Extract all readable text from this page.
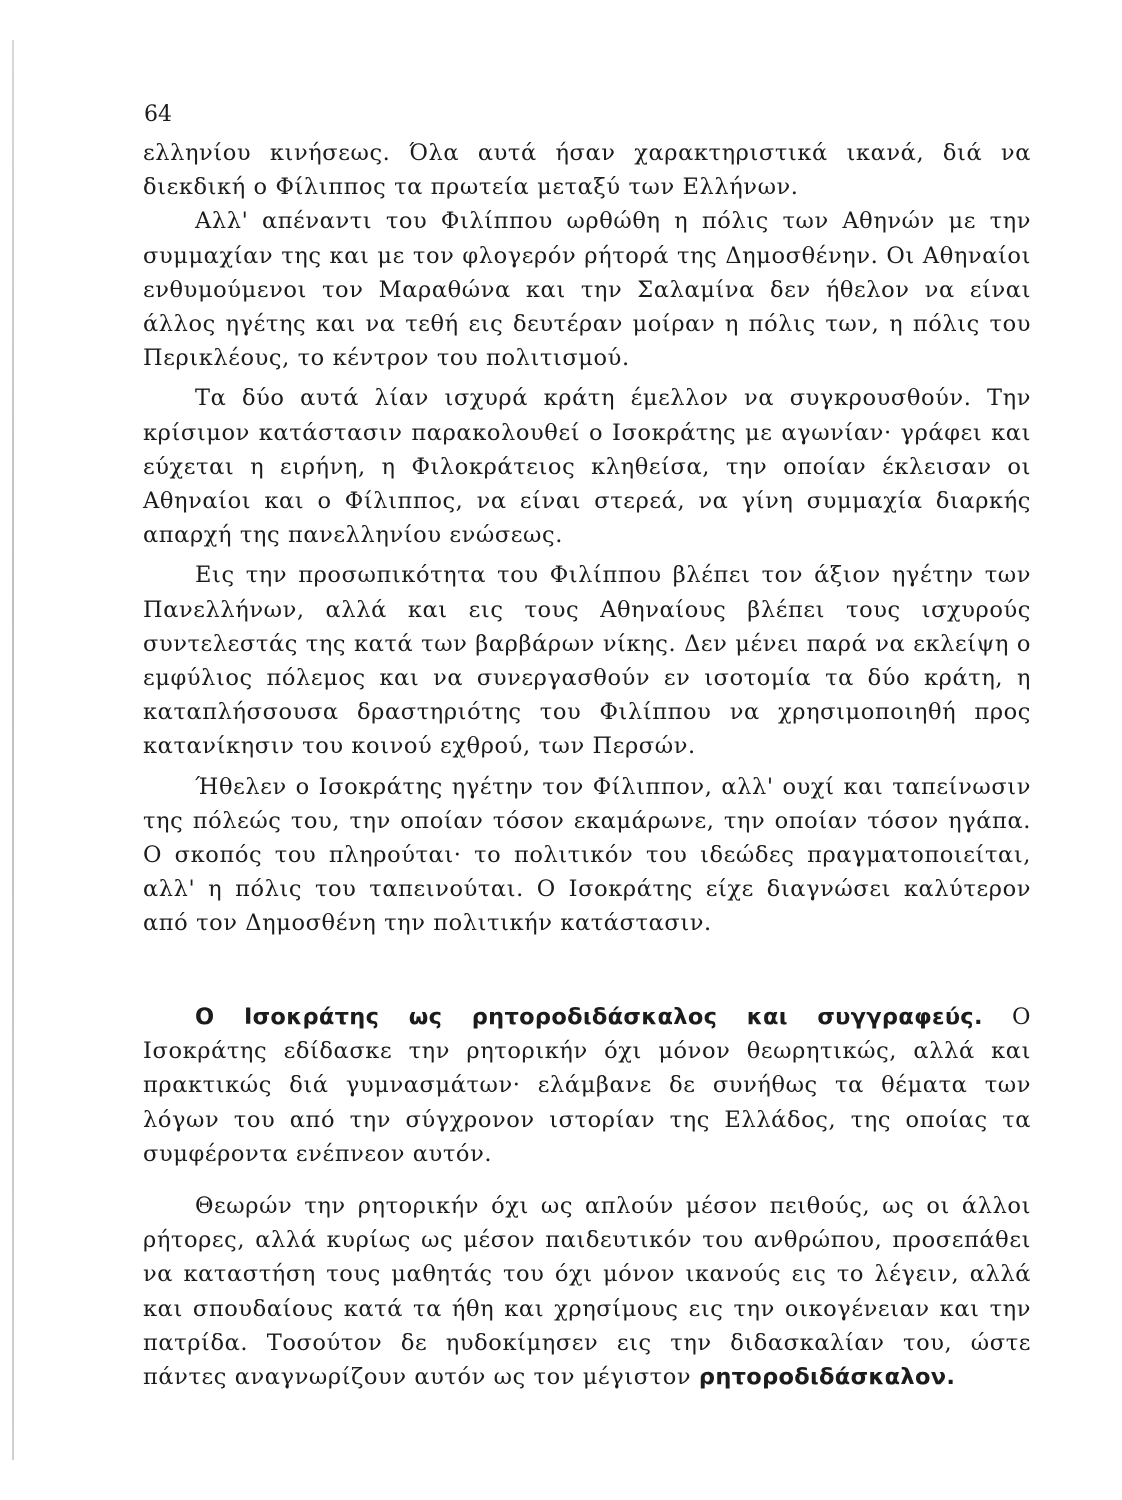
64

ελληνίου κινήσεως. Όλα αυτά ήσαν χαρακτηριστικά ικανά, διά να διεκδική ο Φίλιππος τα πρωτεία μεταξύ των Ελλήνων.

Αλλ' απέναντι του Φιλίππου ωρθώθη η πόλις των Αθηνών με την συμμαχίαν της και με τον φλογερόν ρήτορά της Δημοσθένην. Οι Αθηναίοι ενθυμούμενοι τον Μαραθώνα και την Σαλαμίνα δεν ήθελον να είναι άλλος ηγέτης και να τεθή εις δευτέραν μοίραν η πόλις των, η πόλις του Περικλέους, το κέντρον του πολιτισμού.

Τα δύο αυτά λίαν ισχυρά κράτη έμελλον να συγκρουσθούν. Την κρίσιμον κατάστασιν παρακολουθεί ο Ισοκράτης με αγωνίαν· γράφει και εύχεται η ειρήνη, η Φιλοκράτειος κληθείσα, την οποίαν έκλεισαν οι Αθηναίοι και ο Φίλιππος, να είναι στερεά, να γίνη συμμαχία διαρκής απαρχή της πανελληνίου ενώσεως.

Εις την προσωπικότητα του Φιλίππου βλέπει τον άξιον ηγέτην των Πανελλήνων, αλλά και εις τους Αθηναίους βλέπει τους ισχυρούς συντελεστάς της κατά των βαρβάρων νίκης. Δεν μένει παρά να εκλείψη ο εμφύλιος πόλεμος και να συνεργασθούν εν ισοτομία τα δύο κράτη, η καταπλήσσουσα δραστηριότης του Φιλίππου να χρησιμοποιηθή προς κατανίκησιν του κοινού εχθρού, των Περσών.

Ήθελεν ο Ισοκράτης ηγέτην τον Φίλιππον, αλλ' ουχί και ταπείνωσιν της πόλεώς του, την οποίαν τόσον εκαμάρωνε, την οποίαν τόσον ηγάπα. Ο σκοπός του πληρούται· το πολιτικόν του ιδεώδες πραγματοποιείται, αλλ' η πόλις του ταπεινούται. Ο Ισοκράτης είχε διαγνώσει καλύτερον από τον Δημοσθένη την πολιτικήν κατάστασιν.

Ο Ισοκράτης ως ρητοροδιδάσκαλος και συγγραφεύς. Ο Ισοκράτης εδίδασκε την ρητορικήν όχι μόνον θεωρητικώς, αλλά και πρακτικώς διά γυμνασμάτων· ελάμβανε δε συνήθως τα θέματα των λόγων του από την σύγχρονον ιστορίαν της Ελλάδος, της οποίας τα συμφέροντα ενέπνεον αυτόν.

Θεωρών την ρητορικήν όχι ως απλούν μέσον πειθούς, ως οι άλλοι ρήτορες, αλλά κυρίως ως μέσον παιδευτικόν του ανθρώπου, προσεπάθει να καταστήση τους μαθητάς του όχι μόνον ικανούς εις το λέγειν, αλλά και σπουδαίους κατά τα ήθη και χρησίμους εις την οικογένειαν και την πατρίδα. Τοσούτον δε ηυδοκίμησεν εις την διδασκαλίαν του, ώστε πάντες αναγνωρίζουν αυτόν ως τον μέγιστον ρητοροδιδάσκαλον.
